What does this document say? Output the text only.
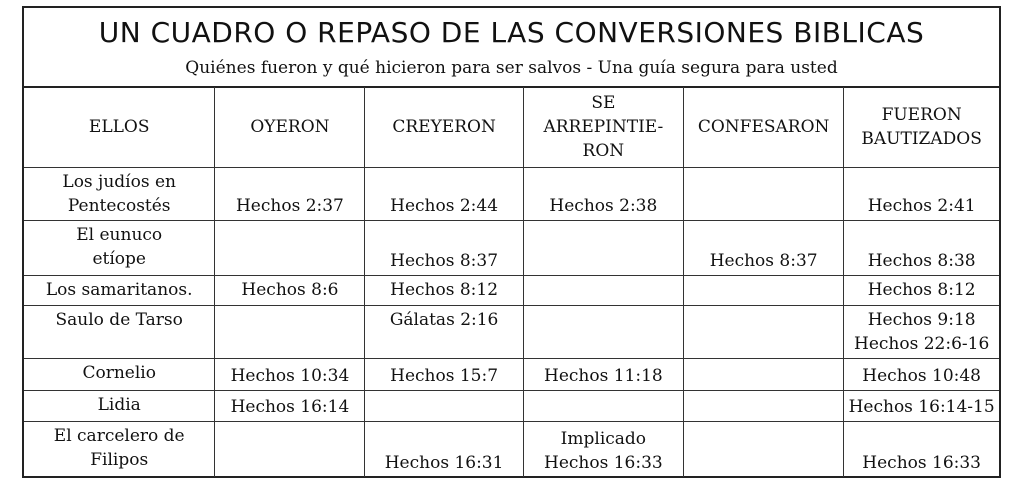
UN CUADRO O REPASO DE LAS CONVERSIONES BIBLICAS
Quiénes fueron y qué hicieron para ser salvos - Una guía segura para usted
ELLOS	OYERON	CREYERON	SE
ARREPINTIE-
RON	CONFESARON	FUERON
BAUTIZADOS

Los judíos en
Pentecostés	Hechos 2:37	Hechos 2:44	Hechos 2:38		Hechos 2:41

El eunuco
etíope		Hechos 8:37		Hechos 8:37	Hechos 8:38

Los samaritanos.	Hechos 8:6	Hechos 8:12			Hechos 8:12

Saulo de Tarso		Gálatas 2:16			Hechos 9:18
Hechos 22:6-16

Cornelio	Hechos 10:34	Hechos 15:7	Hechos 11:18		Hechos 10:48

Lidia	Hechos 16:14				Hechos 16:14-15

El carcelero de
Filipos		Hechos 16:31	Implicado
Hechos 16:33		Hechos 16:33
